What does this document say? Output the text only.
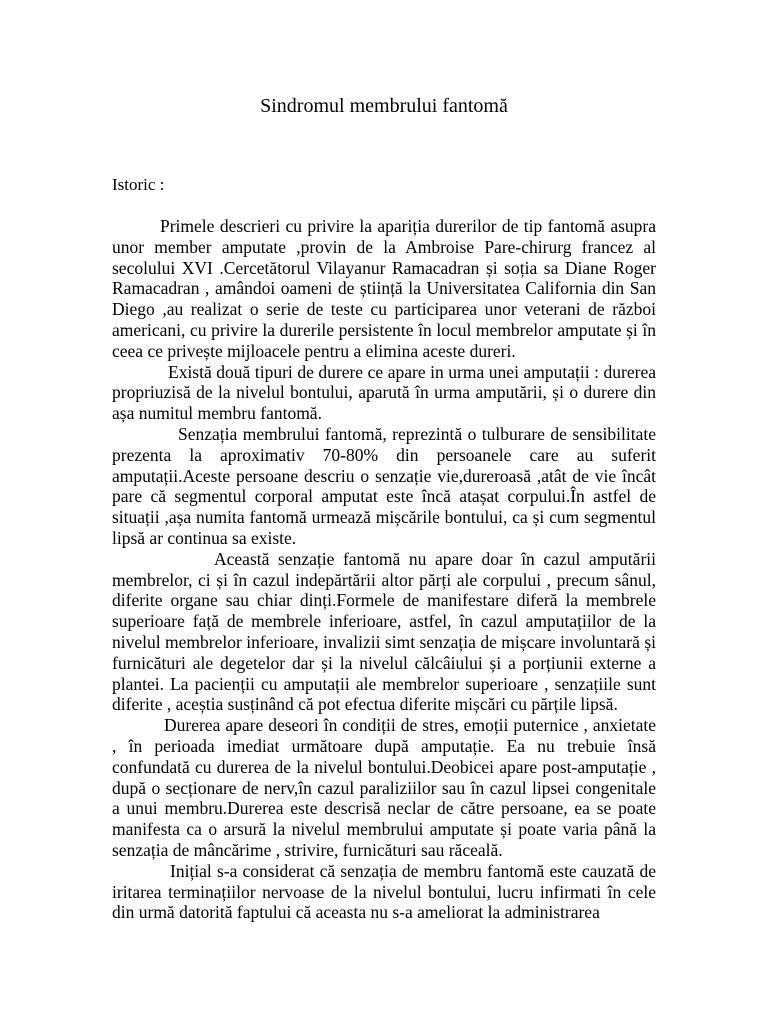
Sindromul membrului fantomă

Istoric :

Primele descrieri cu privire la apariția durerilor de tip fantomă asupra unor member amputate ,provin de la Ambroise Pare-chirurg francez al secolului XVI .Cercetătorul Vilayanur Ramacadran și soția sa Diane Roger Ramacadran , amândoi oameni de știință la Universitatea California din San Diego ,au realizat o serie de teste cu participarea unor veterani de război americani, cu privire la durerile persistente în locul membrelor amputate și în ceea ce privește mijloacele pentru a elimina aceste dureri.

Există două tipuri de durere ce apare in urma unei amputații : durerea propriuzisă de la nivelul bontului, aparută în urma amputării, și o durere din așa numitul membru fantomă.

Senzația membrului fantomă, reprezintă o tulburare de sensibilitate prezenta la aproximativ 70-80% din persoanele care au suferit amputații.Aceste persoane descriu o senzație vie,dureroasă ,atât de vie încât pare că segmentul corporal amputat este încă atașat corpului.În astfel de situații ,așa numita fantomă urmează mișcările bontului, ca și cum segmentul lipsă ar continua sa existe.

Această senzație fantomă nu apare doar în cazul amputării membrelor, ci și în cazul indepărtării altor părți ale corpului , precum sânul, diferite organe sau chiar dinți.Formele de manifestare diferă la membrele superioare față de membrele inferioare, astfel, în cazul amputațiilor de la nivelul membrelor inferioare, invalizii simt senzația de mișcare involuntară și furnicături ale degetelor dar și la nivelul călcâiului și a porțiunii externe a plantei. La pacienții cu amputații ale membrelor superioare , senzațiile sunt diferite , aceștia susținând că pot efectua diferite mișcări cu părțile lipsă.

Durerea apare deseori în condiții de stres, emoții puternice , anxietate , în perioada imediat următoare după amputație. Ea nu trebuie însă confundată cu durerea de la nivelul bontului.Deobicei apare post-amputație , după o secționare de nerv,în cazul paraliziilor sau în cazul lipsei congenitale a unui membru.Durerea este descrisă neclar de către persoane, ea se poate manifesta ca o arsură la nivelul membrului amputate și poate varia până la senzația de mâncărime , strivire, furnicături sau răceală.

Inițial s-a considerat că senzația de membru fantomă este cauzată de iritarea terminațiilor nervoase de la nivelul bontului, lucru infirmati în cele din urmă datorită faptului că aceasta nu s-a ameliorat la administrarea
